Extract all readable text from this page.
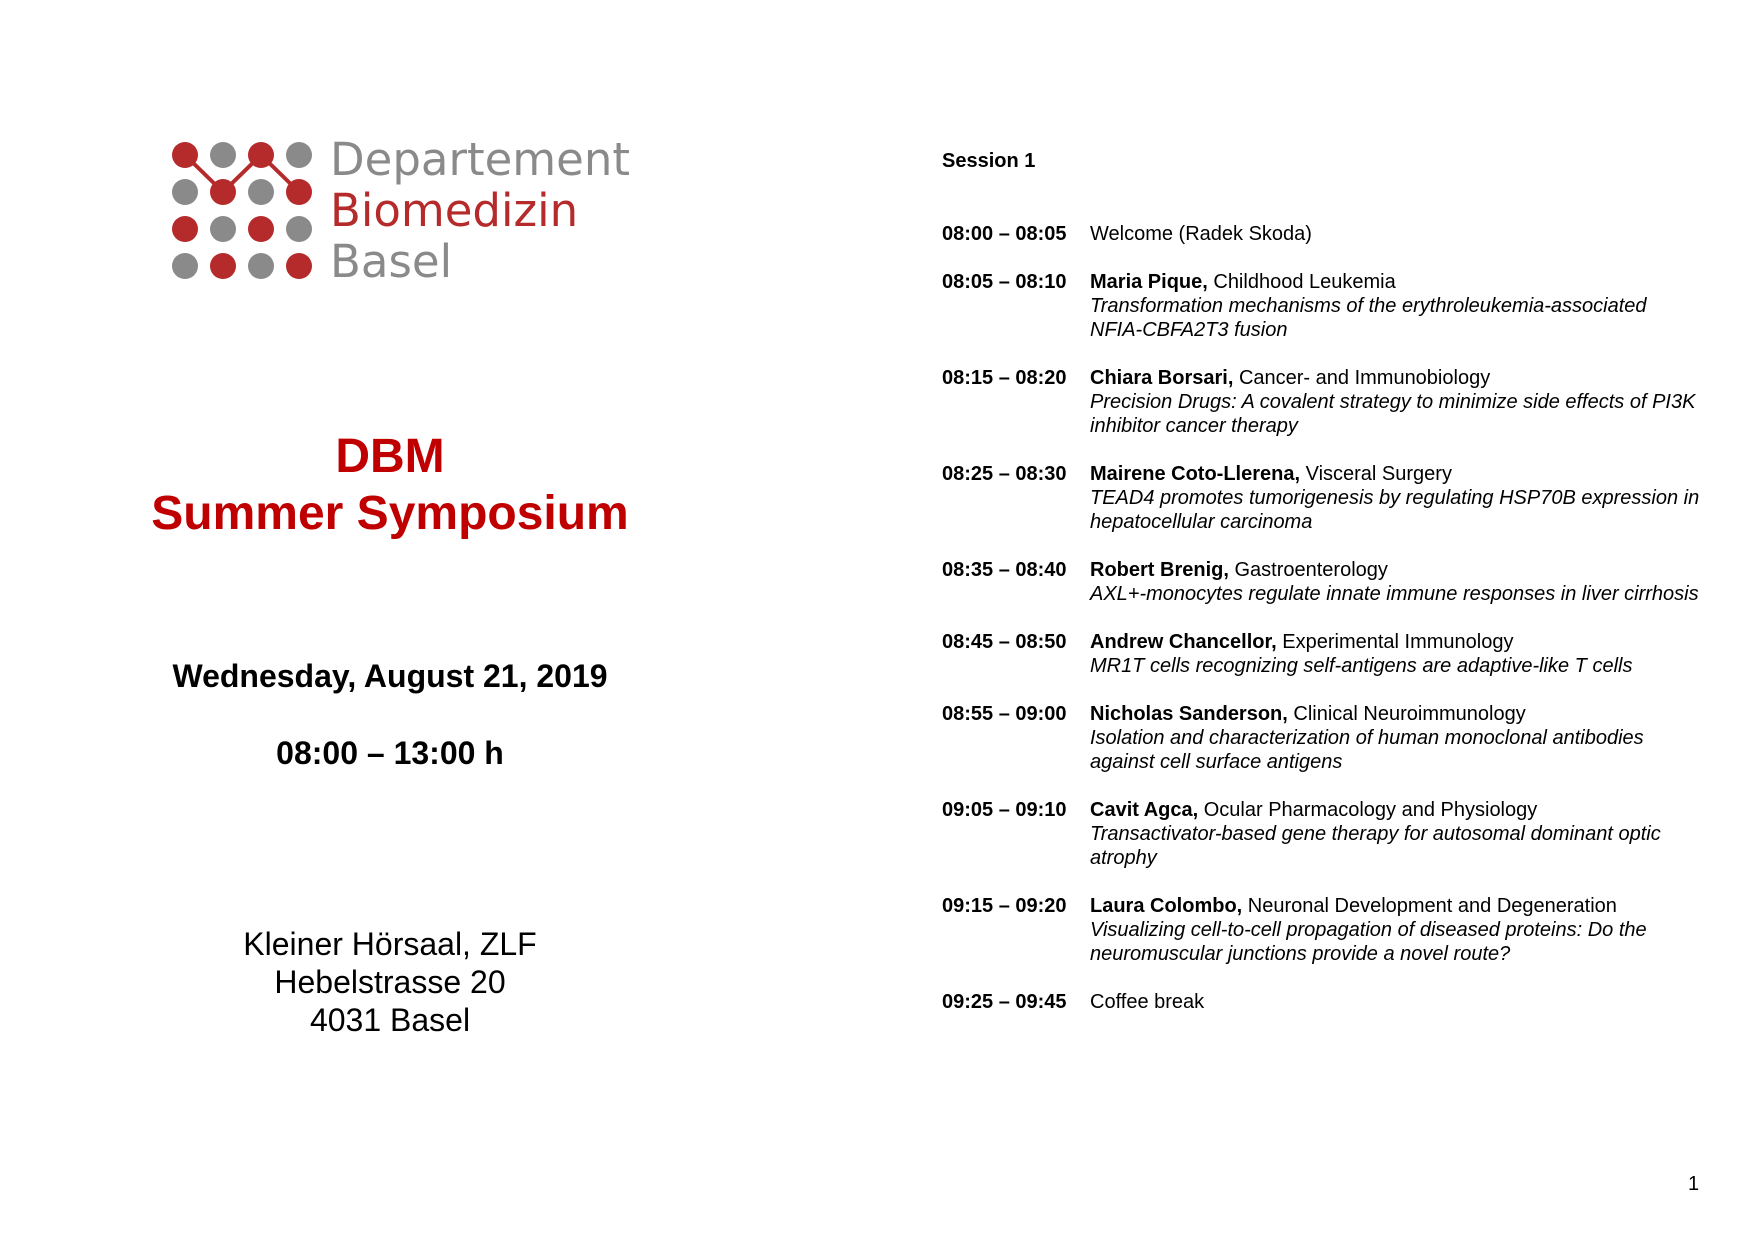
Departement
Biomedizin
Basel
DBM
Summer Symposium
Wednesday, August 21, 2019
08:00 – 13:00 h
Kleiner Hörsaal, ZLF
Hebelstrasse 20
4031 Basel
Session 1
08:00 – 08:05	Welcome (Radek Skoda)
08:05 – 08:10	Maria Pique, Childhood Leukemia
Transformation mechanisms of the erythroleukemia-associated NFIA-CBFA2T3 fusion
08:15 – 08:20	Chiara Borsari, Cancer- and Immunobiology
Precision Drugs: A covalent strategy to minimize side effects of PI3K inhibitor cancer therapy
08:25 – 08:30	Mairene Coto-Llerena, Visceral Surgery
TEAD4 promotes tumorigenesis by regulating HSP70B expression in hepatocellular carcinoma
08:35 – 08:40	Robert Brenig, Gastroenterology
AXL+-monocytes regulate innate immune responses in liver cirrhosis
08:45 – 08:50	Andrew Chancellor, Experimental Immunology
MR1T cells recognizing self-antigens are adaptive-like T cells
08:55 – 09:00	Nicholas Sanderson, Clinical Neuroimmunology
Isolation and characterization of human monoclonal antibodies against cell surface antigens
09:05 – 09:10	Cavit Agca, Ocular Pharmacology and Physiology
Transactivator-based gene therapy for autosomal dominant optic atrophy
09:15 – 09:20	Laura Colombo, Neuronal Development and Degeneration
Visualizing cell-to-cell propagation of diseased proteins: Do the neuromuscular junctions provide a novel route?
09:25 – 09:45	Coffee break
1
